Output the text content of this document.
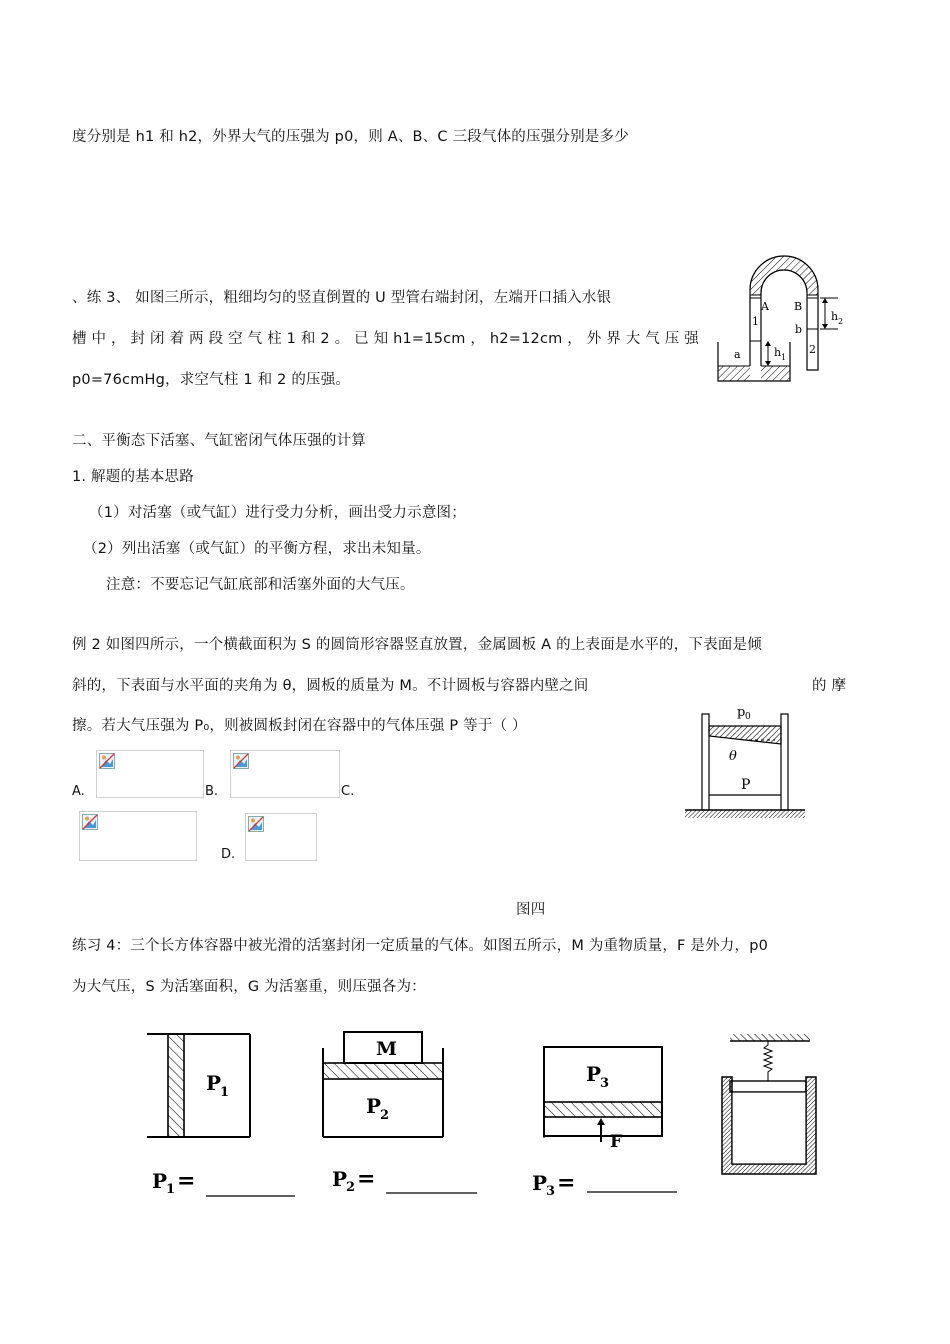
度分别是 h1 和 h2，外界大气的压强为 p0，则 A、B、C 三段气体的压强分别是多少
、练 3、 如图三所示，粗细均匀的竖直倒置的 U 型管右端封闭，左端开口插入水银
槽 中 ， 封 闭 着 两 段 空 气 柱 1 和 2 。 已 知 h1=15cm ， h2=12cm ， 外 界 大 气 压 强
p0=76cmHg，求空气柱 1 和 2 的压强。
二、平衡态下活塞、气缸密闭气体压强的计算
1. 解题的基本思路
（1）对活塞（或气缸）进行受力分析，画出受力示意图；
（2）列出活塞（或气缸）的平衡方程，求出未知量。
注意：不要忘记气缸底部和活塞外面的大气压。
例 2 如图四所示，一个横截面积为 S 的圆筒形容器竖直放置，金属圆板 A 的上表面是水平的，下表面是倾
斜的，下表面与水平面的夹角为 θ，圆板的质量为 M。不计圆板与容器内壁之间	的 摩
擦。若大气压强为 P₀，则被圆板封闭在容器中的气体压强 P 等于（ ）
A.	B.	C.
D.
图四
练习 4：三个长方体容器中被光滑的活塞封闭一定质量的气体。如图五所示，M 为重物质量，F 是外力，p0
为大气压，S 为活塞面积，G 为活塞重，则压强各为：
A B
1
2
a
b
h 1
h 2
p 0
θ
P
P
1
M
P
2
F
P
3
P
1 =	P
2 =	P
3 =
